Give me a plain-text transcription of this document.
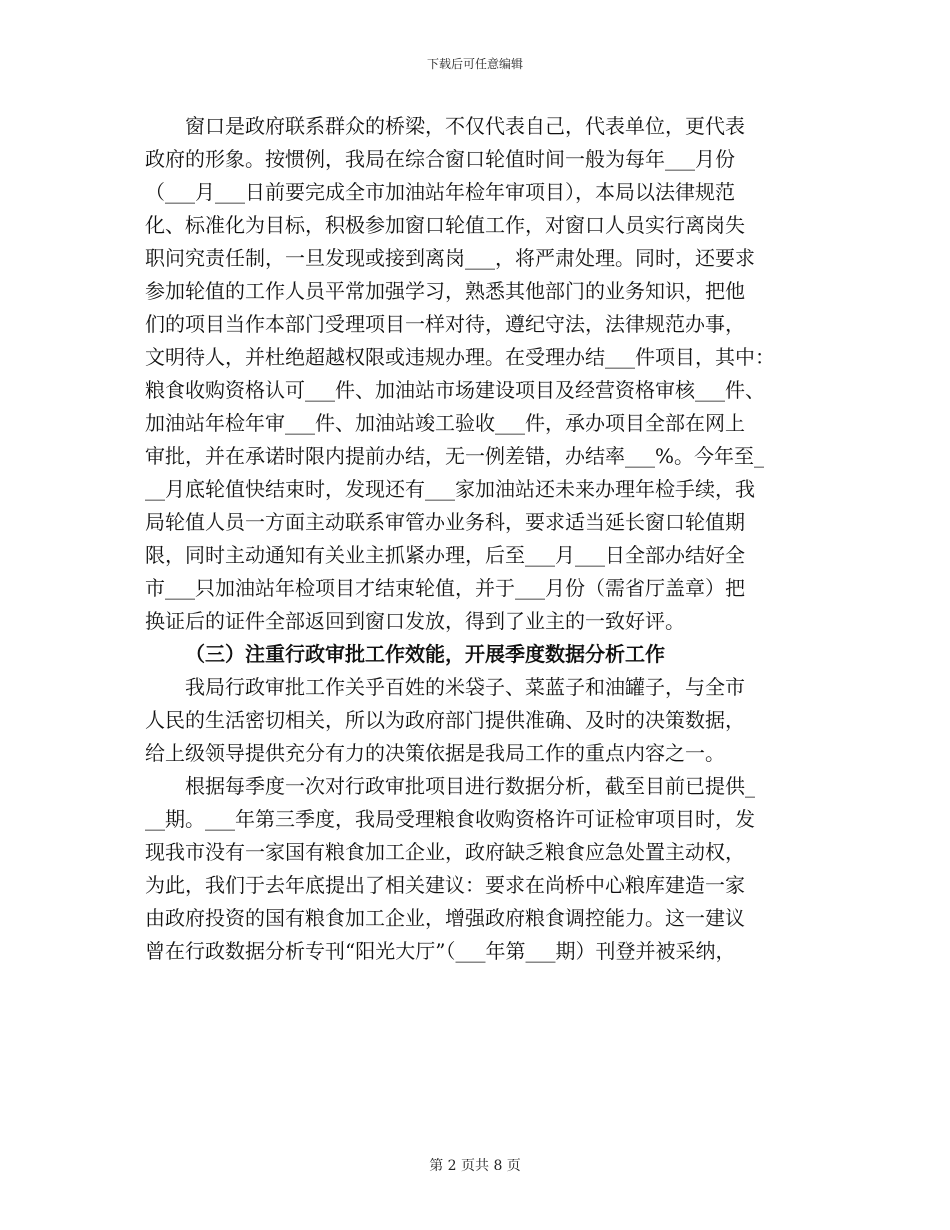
下载后可任意编辑
窗口是政府联系群众的桥梁，不仅代表自己，代表单位，更代表
政府的形象。按惯例，我局在综合窗口轮值时间一般为每年___月份
（___月___日前要完成全市加油站年检年审项目），本局以法律规范
化、标准化为目标，积极参加窗口轮值工作，对窗口人员实行离岗失
职问究责任制，一旦发现或接到离岗___，将严肃处理。同时，还要求
参加轮值的工作人员平常加强学习，熟悉其他部门的业务知识，把他
们的项目当作本部门受理项目一样对待，遵纪守法，法律规范办事，
文明待人，并杜绝超越权限或违规办理。在受理办结___件项目，其中：
粮食收购资格认可___件、加油站市场建设项目及经营资格审核___件、
加油站年检年审___件、加油站竣工验收___件，承办项目全部在网上
审批，并在承诺时限内提前办结，无一例差错，办结率___%。今年至_
__月底轮值快结束时，发现还有___家加油站还未来办理年检手续，我
局轮值人员一方面主动联系审管办业务科，要求适当延长窗口轮值期
限，同时主动通知有关业主抓紧办理，后至___月___日全部办结好全
市___只加油站年检项目才结束轮值，并于___月份（需省厅盖章）把
换证后的证件全部返回到窗口发放，得到了业主的一致好评。
（三）注重行政审批工作效能，开展季度数据分析工作
我局行政审批工作关乎百姓的米袋子、菜蓝子和油罐子，与全市
人民的生活密切相关，所以为政府部门提供准确、及时的决策数据，
给上级领导提供充分有力的决策依据是我局工作的重点内容之一。
根据每季度一次对行政审批项目进行数据分析，截至目前已提供_
__期。___年第三季度，我局受理粮食收购资格许可证检审项目时，发
现我市没有一家国有粮食加工企业，政府缺乏粮食应急处置主动权，
为此，我们于去年底提出了相关建议：要求在尚桥中心粮库建造一家
由政府投资的国有粮食加工企业，增强政府粮食调控能力。这一建议
曾在行政数据分析专刊“阳光大厅”（___年第___期）刊登并被采纳，
第 2 页共 8 页
